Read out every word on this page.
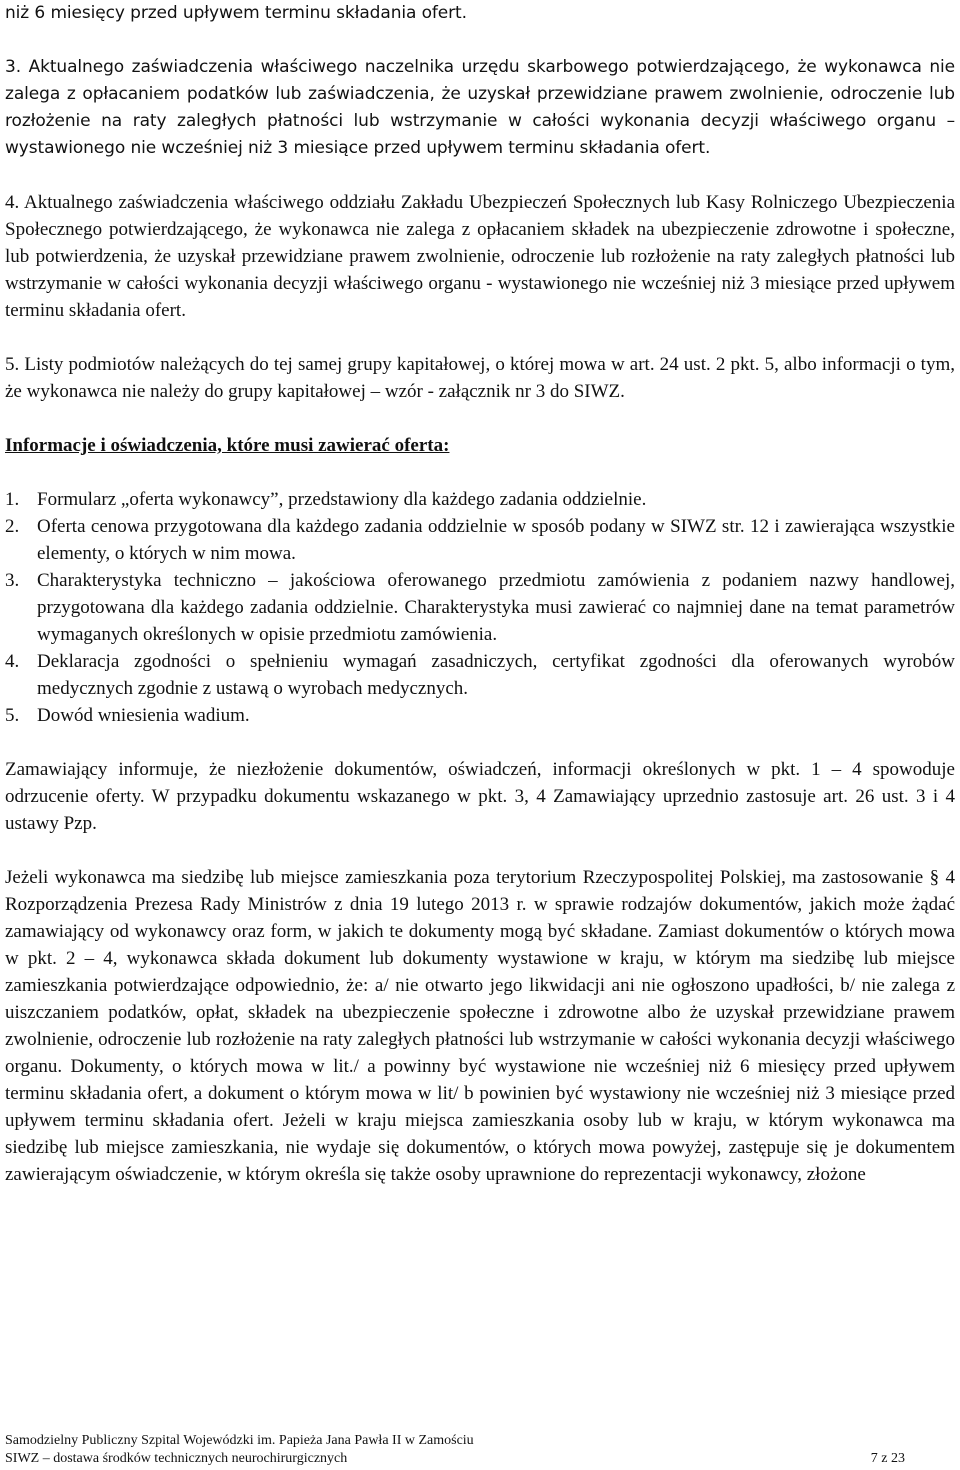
niż 6 miesięcy przed upływem terminu składania ofert.

3. Aktualnego zaświadczenia właściwego naczelnika urzędu skarbowego potwierdzającego, że wykonawca nie zalega z opłacaniem podatków lub zaświadczenia, że uzyskał przewidziane prawem zwolnienie, odroczenie lub rozłożenie na raty zaległych płatności lub wstrzymanie w całości wykonania decyzji właściwego organu – wystawionego nie wcześniej niż 3 miesiące przed upływem terminu składania ofert.

4. Aktualnego zaświadczenia właściwego oddziału Zakładu Ubezpieczeń Społecznych lub Kasy Rolniczego Ubezpieczenia Społecznego potwierdzającego, że wykonawca nie zalega z opłacaniem składek na ubezpieczenie zdrowotne i społeczne, lub potwierdzenia, że uzyskał przewidziane prawem zwolnienie, odroczenie lub rozłożenie na raty zaległych płatności lub wstrzymanie w całości wykonania decyzji właściwego organu - wystawionego nie wcześniej niż 3 miesiące przed upływem terminu składania ofert.

5. Listy podmiotów należących do tej samej grupy kapitałowej, o której mowa w art. 24 ust. 2 pkt. 5, albo informacji o tym, że wykonawca nie należy do grupy kapitałowej – wzór - załącznik nr 3 do SIWZ.

Informacje i oświadczenia, które musi zawierać oferta:

1. Formularz „oferta wykonawcy”, przedstawiony dla każdego zadania oddzielnie.
2. Oferta cenowa przygotowana dla każdego zadania oddzielnie w sposób podany w SIWZ str. 12 i zawierająca wszystkie elementy, o których w nim mowa.
3. Charakterystyka techniczno – jakościowa oferowanego przedmiotu zamówienia z podaniem nazwy handlowej, przygotowana dla każdego zadania oddzielnie. Charakterystyka musi zawierać co najmniej dane na temat parametrów wymaganych określonych w opisie przedmiotu zamówienia.
4. Deklaracja zgodności o spełnieniu wymagań zasadniczych, certyfikat zgodności dla oferowanych wyrobów medycznych zgodnie z ustawą o wyrobach medycznych.
5. Dowód wniesienia wadium.

Zamawiający informuje, że niezłożenie dokumentów, oświadczeń, informacji określonych w pkt. 1 – 4 spowoduje odrzucenie oferty. W przypadku dokumentu wskazanego w pkt. 3, 4 Zamawiający uprzednio zastosuje art. 26 ust. 3 i 4 ustawy Pzp.

Jeżeli wykonawca ma siedzibę lub miejsce zamieszkania poza terytorium Rzeczypospolitej Polskiej, ma zastosowanie § 4 Rozporządzenia Prezesa Rady Ministrów z dnia 19 lutego 2013 r. w sprawie rodzajów dokumentów, jakich może żądać zamawiający od wykonawcy oraz form, w jakich te dokumenty mogą być składane. Zamiast dokumentów o których mowa w pkt. 2 – 4, wykonawca składa dokument lub dokumenty wystawione w kraju, w którym ma siedzibę lub miejsce zamieszkania potwierdzające odpowiednio, że: a/ nie otwarto jego likwidacji ani nie ogłoszono upadłości, b/ nie zalega z uiszczaniem podatków, opłat, składek na ubezpieczenie społeczne i zdrowotne albo że uzyskał przewidziane prawem zwolnienie, odroczenie lub rozłożenie na raty zaległych płatności lub wstrzymanie w całości wykonania decyzji właściwego organu. Dokumenty, o których mowa w lit./ a powinny być wystawione nie wcześniej niż 6 miesięcy przed upływem terminu składania ofert, a dokument o którym mowa w lit/ b powinien być wystawiony nie wcześniej niż 3 miesiące przed upływem terminu składania ofert. Jeżeli w kraju miejsca zamieszkania osoby lub w kraju, w którym wykonawca ma siedzibę lub miejsce zamieszkania, nie wydaje się dokumentów, o których mowa powyżej, zastępuje się je dokumentem zawierającym oświadczenie, w którym określa się także osoby uprawnione do reprezentacji wykonawcy, złożone

Samodzielny Publiczny Szpital Wojewódzki im. Papieża Jana Pawła II w Zamościu
SIWZ – dostawa środków technicznych neurochirurgicznych	7 z 23
